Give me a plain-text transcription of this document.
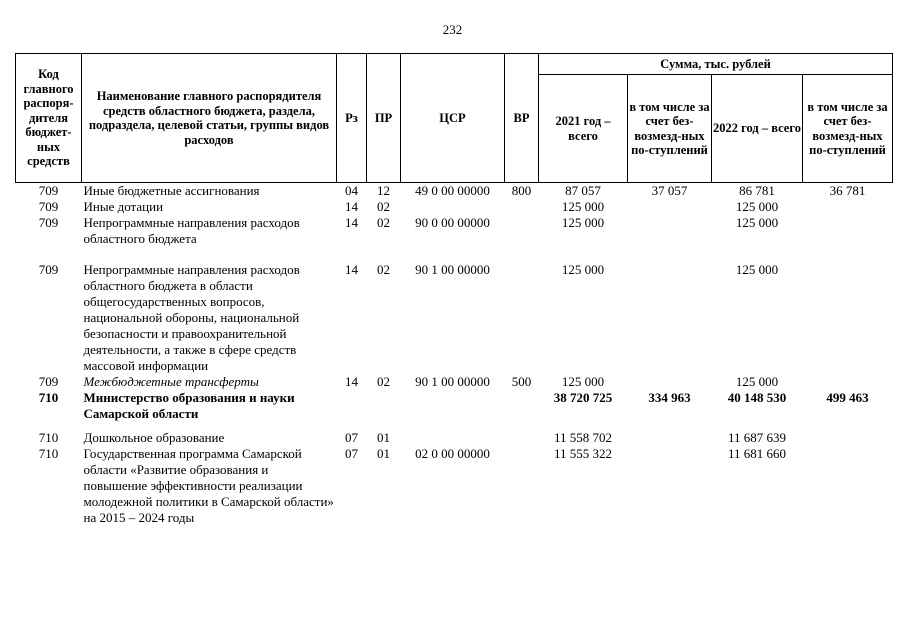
232
Код главного распоря-дителя бюджет-ных средств	Наименование главного распорядителя средств областного бюджета, раздела, подраздела, целевой статьи, группы видов расходов	Рз	ПР	ЦСР	ВР	Сумма, тыс. рублей			
						2021 год – всего	в том числе за счет без-возмезд-ных по-ступлений	2022 год – всего	в том числе за счет без-возмезд-ных по-ступлений
709	Иные бюджетные ассигнования	04	12	49 0 00 00000	800	87 057	37 057	86 781	36 781
709	Иные дотации	14	02			125 000		125 000	
709	Непрограммные направления расходов областного бюджета	14	02	90 0 00 00000		125 000		125 000	
709	Непрограммные направления расходов областного бюджета в области общегосударственных вопросов, национальной обороны, национальной безопасности и правоохранительной деятельности, а также в сфере средств массовой информации	14	02	90 1 00 00000		125 000		125 000	
709	Межбюджетные трансферты	14	02	90 1 00 00000	500	125 000		125 000	
710	Министерство образования и науки Самарской области					38 720 725	334 963	40 148 530	499 463
710	Дошкольное образование	07	01			11 558 702		11 687 639	
710	Государственная программа Самарской области «Развитие образования и повышение эффективности реализации молодежной политики в Самарской области» на 2015 – 2024 годы	07	01	02 0 00 00000		11 555 322		11 681 660	
